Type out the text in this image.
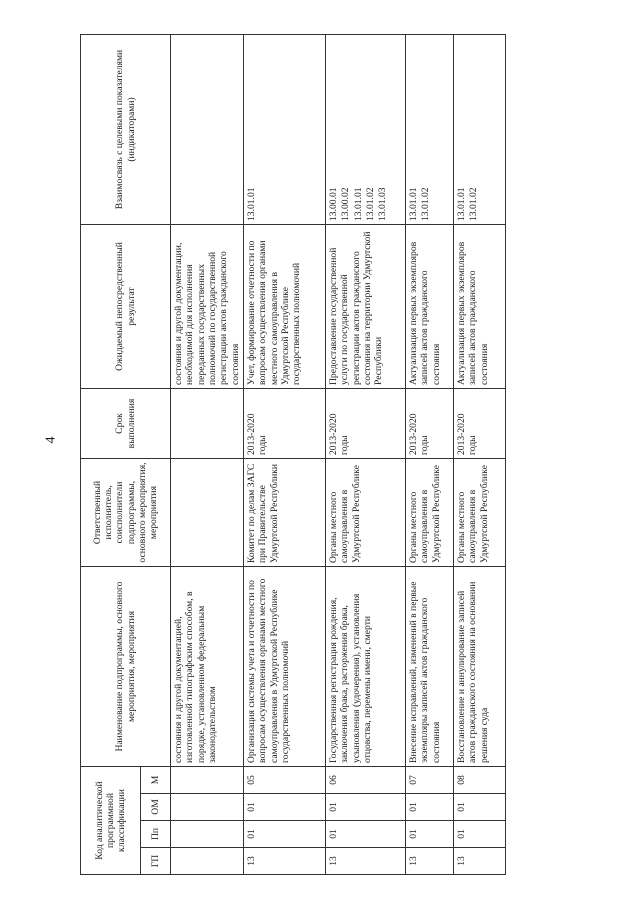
4
Код аналитической программной классификации				Наименование подпрограммы, основного мероприятия, мероприятия	Ответственный исполнитель, соисполнители подпрограммы, основного мероприятия, мероприятия	Срок выполнения	Ожидаемый непосредственный результат	Взаимосвязь с целевыми показателями (индикаторами)
ГП	Пп	ОМ	М					
				состояния и другой документацией, изготовленной типографским способом, в порядке, установленном федеральным законодательством			состояния и другой документации, необходимой для исполнения переданных государственных полномочий по государственной регистрации актов гражданского состояния	

13	01	01	05	Организация системы учета и отчетности по вопросам осуществления органами местного самоуправления в Удмуртской Республике государственных полномочий	Комитет по делам ЗАГС при Правительстве Удмуртской Республики	2013-2020 годы	Учет, формирование отчетности по вопросам осуществления органами местного самоуправления в Удмуртской Республике государственных полномочий	13.01.01

13	01	01	06	Государственная регистрация рождения, заключения брака, расторжения брака, усыновления (удочерения), установления отцовства, перемены имени, смерти	Органы местного самоуправления в Удмуртской Республике	2013-2020 годы	Предоставление государственной услуги по государственной регистрации актов гражданского состояния на территории Удмуртской Республики	13.00.01 13.00.02 13.01.01 13.01.02 13.01.03

13	01	01	07	Внесение исправлений, изменений в первые экземпляры записей актов гражданского состояния	Органы местного самоуправления в Удмуртской Республике	2013-2020 годы	Актуализация первых экземпляров записей актов гражданского состояния	13.01.01 13.01.02

13	01	01	08	Восстановление и аннулирование записей актов гражданского состояния на основании решения суда	Органы местного самоуправления в Удмуртской Республике	2013-2020 годы	Актуализация первых экземпляров записей актов гражданского состояния	13.01.01 13.01.02
